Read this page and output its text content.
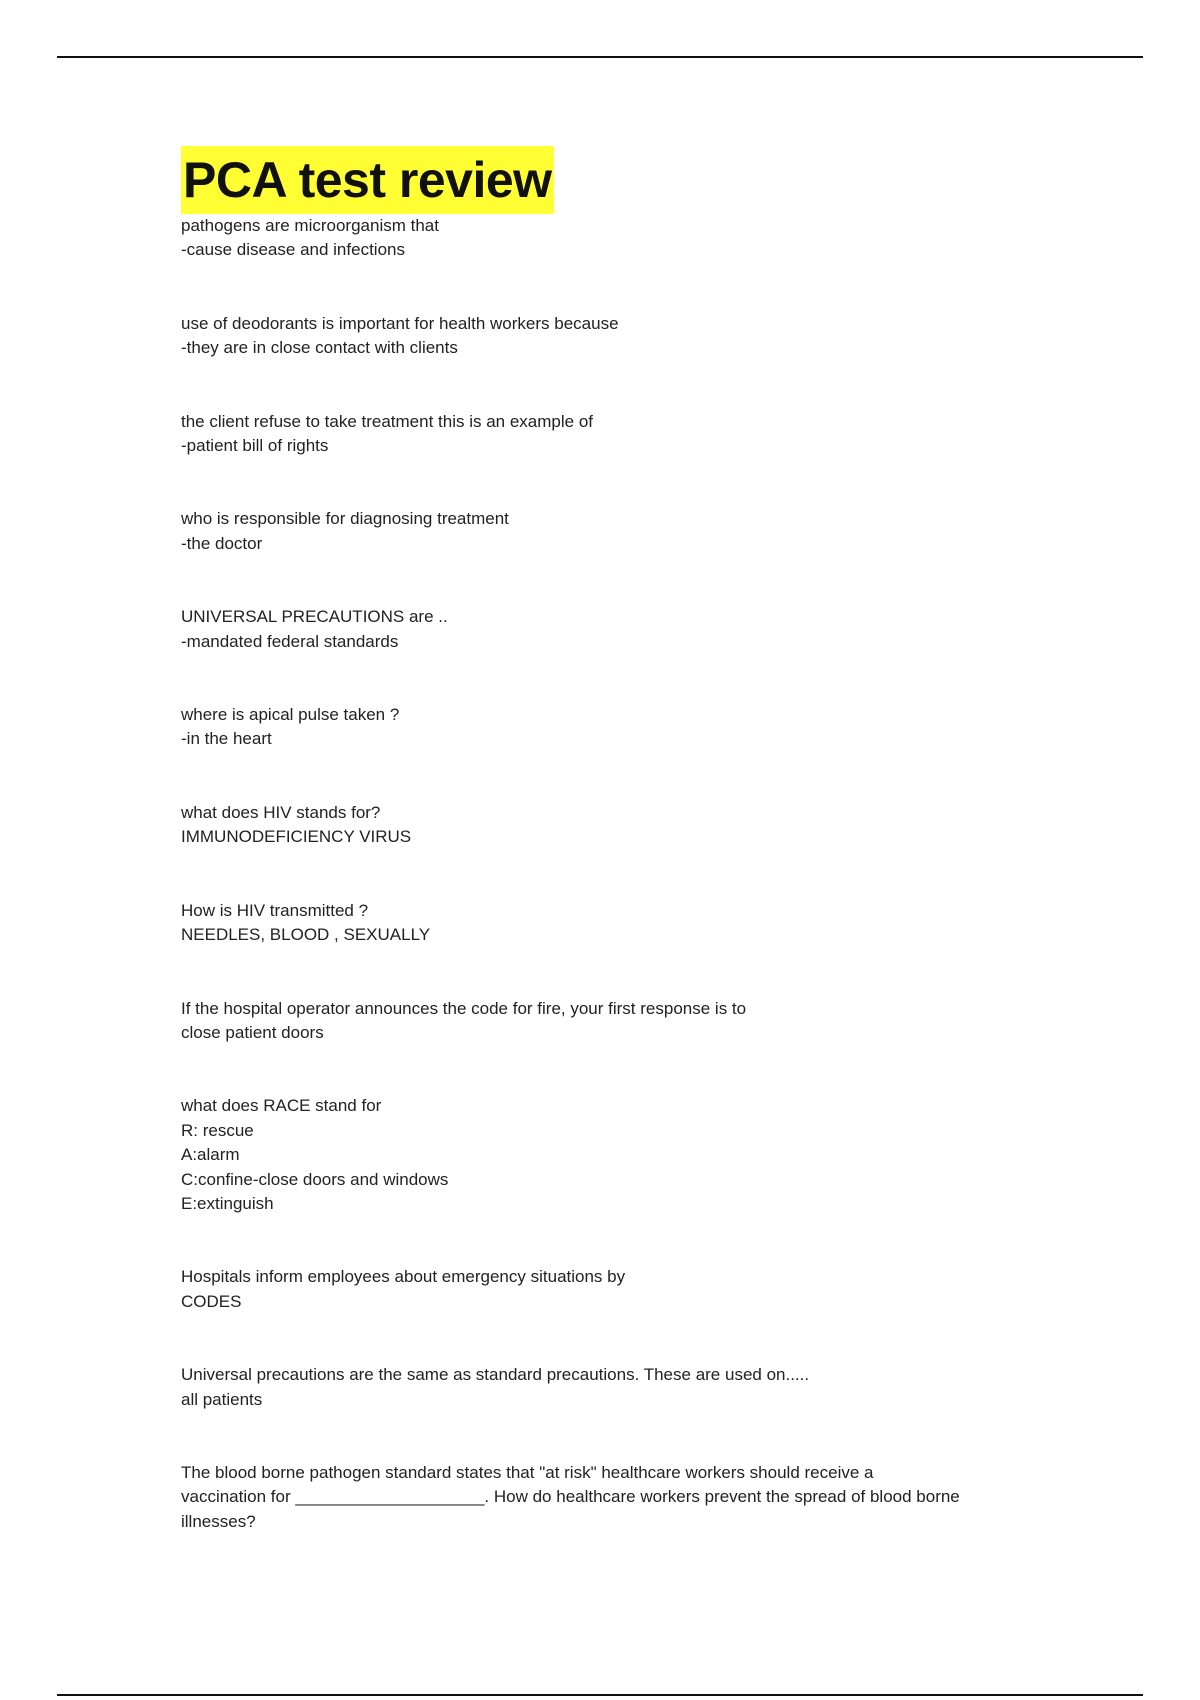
PCA test review
pathogens are microorganism that
-cause disease and infections
use of deodorants is important for health workers because
-they are in close contact with clients
the client refuse to take treatment this is an example of
-patient bill of rights
who is responsible for diagnosing treatment
-the doctor
UNIVERSAL PRECAUTIONS are ..
-mandated federal standards
where is apical pulse taken ?
-in the heart
what does HIV stands for?
IMMUNODEFICIENCY VIRUS
How is HIV transmitted ?
NEEDLES, BLOOD , SEXUALLY
If the hospital operator announces the code for fire, your first response is to
close patient doors
what does RACE stand for
R: rescue
A:alarm
C:confine-close doors and windows
E:extinguish
Hospitals inform employees about emergency situations by
CODES
Universal precautions are the same as standard precautions. These are used on.....
all patients
The blood borne pathogen standard states that "at risk" healthcare workers should receive a
vaccination for ____________________. How do healthcare workers prevent the spread of blood borne
illnesses?
